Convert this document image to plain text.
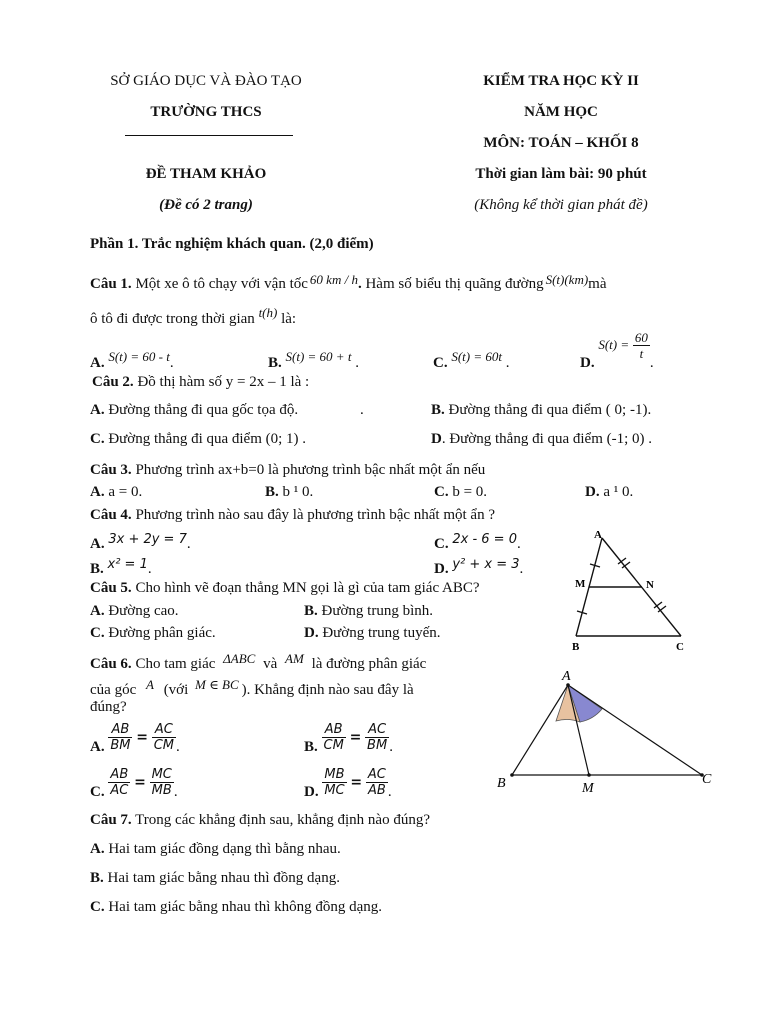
SỞ GIÁO DỤC VÀ ĐÀO TẠO
TRƯỜNG THCS
ĐỀ THAM KHẢO
(Đề có 2 trang)
KIỂM TRA HỌC KỲ II
NĂM HỌC
MÔN: TOÁN – KHỐI 8
Thời gian làm bài: 90 phút
(Không kể thời gian phát đề)
Phần 1. Trắc nghiệm khách quan. (2,0 điểm)
Câu 1. Một xe ô tô chạy với vận tốc 60 km / h. Hàm số biểu thị quãng đường S(t)(km)mà
ô tô đi được trong thời gian t(h) là:
A. S(t) = 60 - t.	B. S(t) = 60 + t .	C. S(t) = 60t .	D. $S(t) = \frac{60}{t}$
.
Câu 2. Đồ thị hàm số y = 2x – 1 là :
A. Đường thẳng đi qua gốc tọa độ.	.	B. Đường thẳng đi qua điểm ( 0; -1).
C. Đường thẳng đi qua điểm (0; 1) .	D. Đường thẳng đi qua điểm (-1; 0) .
Câu 3. Phương trình ax+b=0 là phương trình bậc nhất một ẩn nếu
A. a = 0.	B. b ¹ 0.	C. b = 0.	D. a ¹ 0.
Câu 4. Phương trình nào sau đây là phương trình bậc nhất một ẩn ?
A. 3x + 2y = 7.	C. 2x - 6 = 0.
B. x² = 1.	D. y² + x = 3.
Câu 5. Cho hình vẽ đoạn thẳng MN gọi là gì của tam giác ABC?
A. Đường cao.	B. Đường trung bình.
C. Đường phân giác.	D. Đường trung tuyến.
Câu 6. Cho tam giác ΔABC và AM là đường phân giác
của góc A (với M ∈ BC ). Khẳng định nào sau đây là
đúng?
A. $\frac{AB}{BM} = \frac{AC}{CM}$ .	B. $\frac{AB}{CM} = \frac{AC}{BM}$ .
C. $\frac{AB}{AC} = \frac{MC}{MB}$ .	D. $\frac{MB}{MC} = \frac{AC}{AB}$ .
Câu 7. Trong các khẳng định sau, khẳng định nào đúng?
A. Hai tam giác đồng dạng thì bằng nhau.
B. Hai tam giác bằng nhau thì đồng dạng.
C. Hai tam giác bằng nhau thì không đồng dạng.
A
M	N
B	C
A
B	M
C
